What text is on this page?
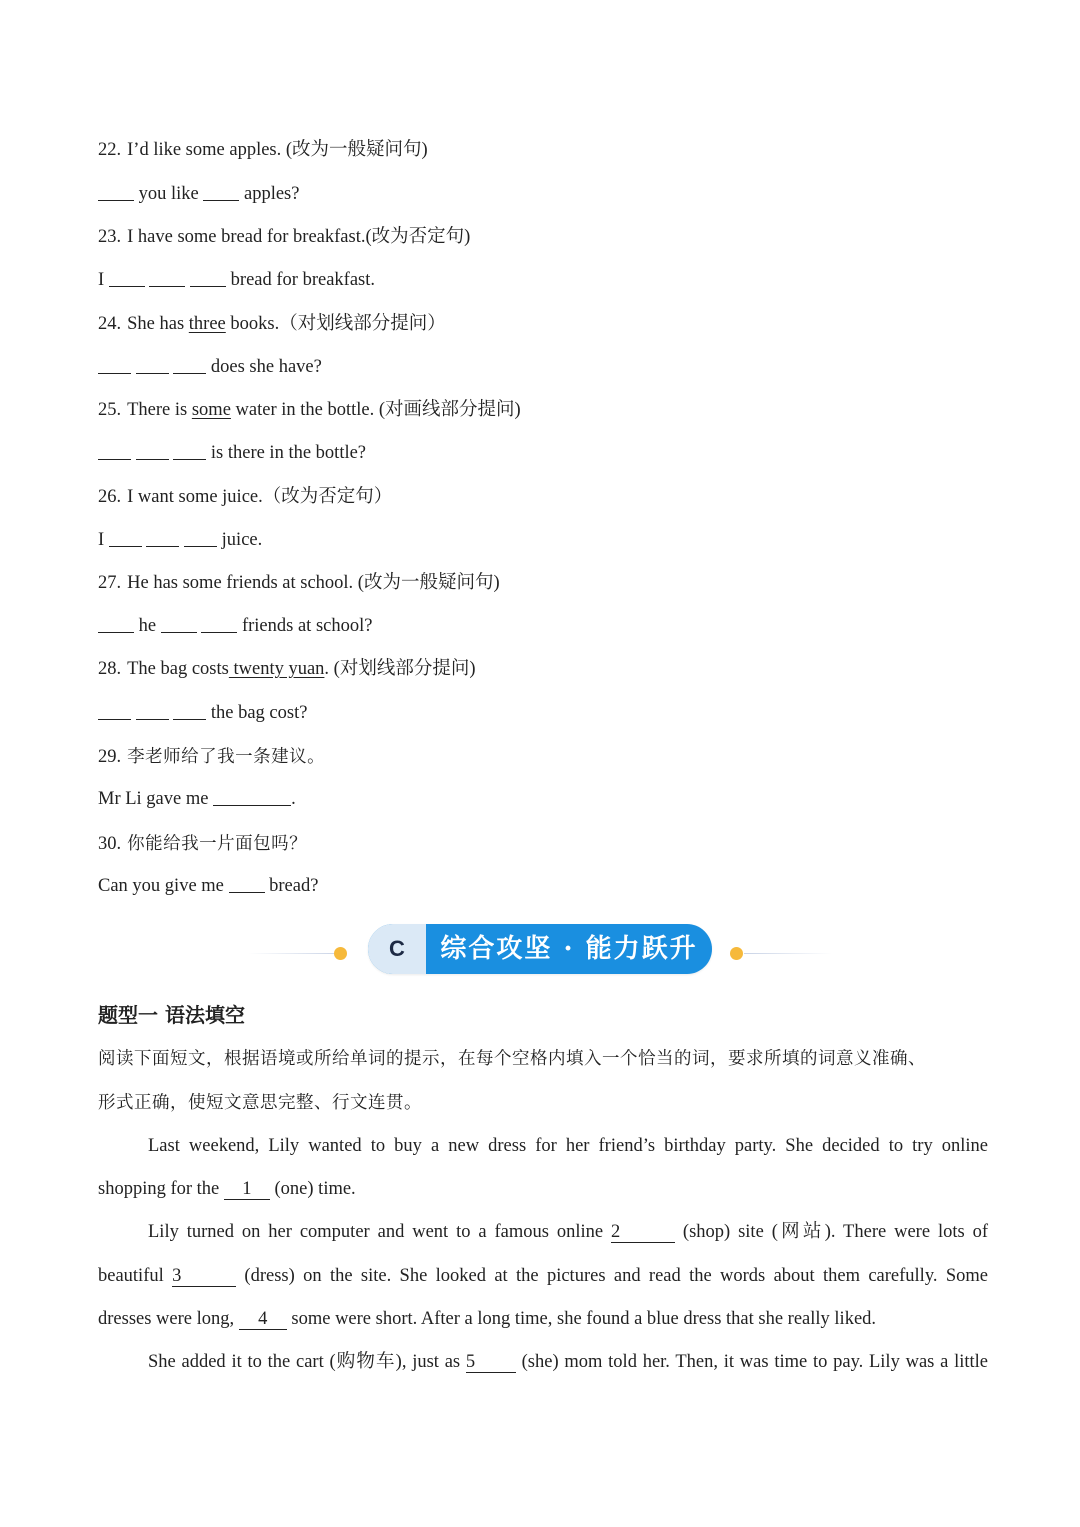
22. I’d like some apples. (改为一般疑问句)
you like  apples?
23. I have some bread for breakfast.(改为否定句)
I	bread for breakfast.
24. She has three books.（对划线部分提问）
does she have?
25. There is some water in the bottle. (对画线部分提问)
is there in the bottle?
26. I want some juice.（改为否定句）
I	juice.
27. He has some friends at school. (改为一般疑问句)
he	friends at school?
28. The bag costs twenty yuan. (对划线部分提问)
the bag cost?
29. 李老师给了我一条建议。
Mr Li gave me	.
30. 你能给我一片面包吗？
Can you give me  bread?
C	综合攻坚 · 能力跃升
题型一 语法填空
阅读下面短文，根据语境或所给单词的提示，在每个空格内填入一个恰当的词，要求所填的词意义准确、
形式正确，使短文意思完整、行文连贯。
Last weekend, Lily wanted to buy a new dress for her friend’s birthday party. She decided to try online
shopping for the 1 (one) time.
Lily turned on her computer and went to a famous online 2	(shop) site (网站). There were lots of
beautiful 3	(dress) on the site. She looked at the pictures and read the words about them carefully. Some
dresses were long, 4 some were short. After a long time, she found a blue dress that she really liked.
She added it to the cart (购物车), just as 5 (she) mom told her. Then, it was time to pay. Lily was a little
